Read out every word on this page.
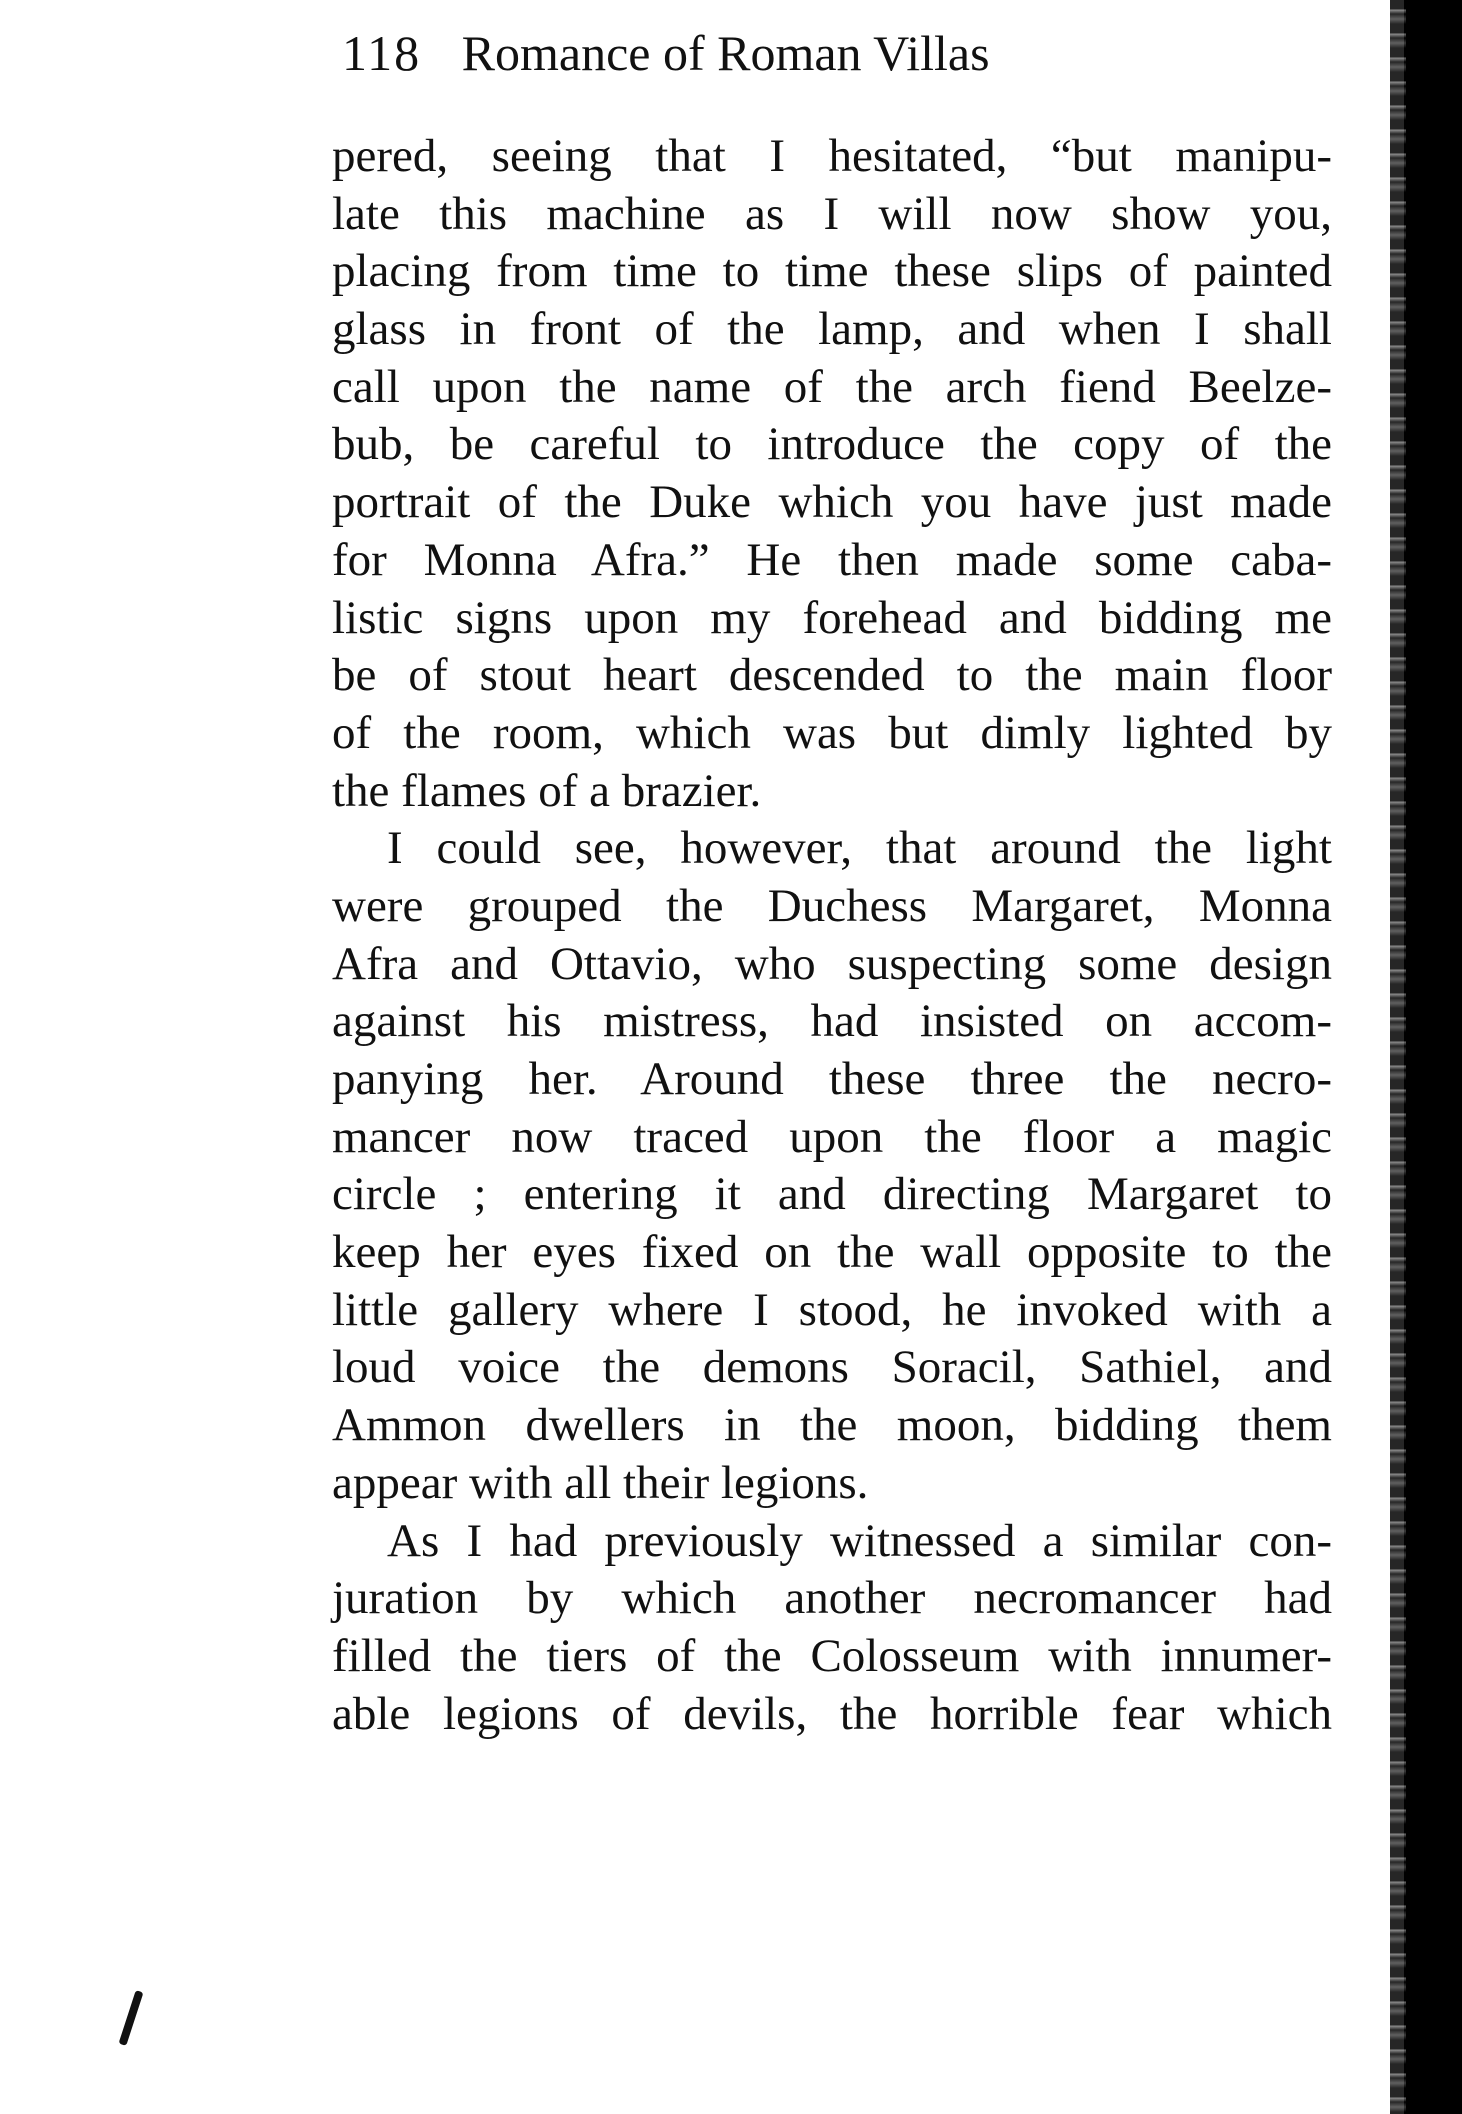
118 Romance of Roman Villas
pered, seeing that I hesitated, “but manipu-
late this machine as I will now show you,
placing from time to time these slips of painted
glass in front of the lamp, and when I shall
call upon the name of the arch fiend Beelze-
bub, be careful to introduce the copy of the
portrait of the Duke which you have just made
for Monna Afra.” He then made some caba-
listic signs upon my forehead and bidding me
be of stout heart descended to the main floor
of the room, which was but dimly lighted by
the flames of a brazier.
I could see, however, that around the light
were grouped the Duchess Margaret, Monna
Afra and Ottavio, who suspecting some design
against his mistress, had insisted on accom-
panying her. Around these three the necro-
mancer now traced upon the floor a magic
circle ; entering it and directing Margaret to
keep her eyes fixed on the wall opposite to the
little gallery where I stood, he invoked with a
loud voice the demons Soracil, Sathiel, and
Ammon dwellers in the moon, bidding them
appear with all their legions.
As I had previously witnessed a similar con-
juration by which another necromancer had
filled the tiers of the Colosseum with innumer-
able legions of devils, the horrible fear which
